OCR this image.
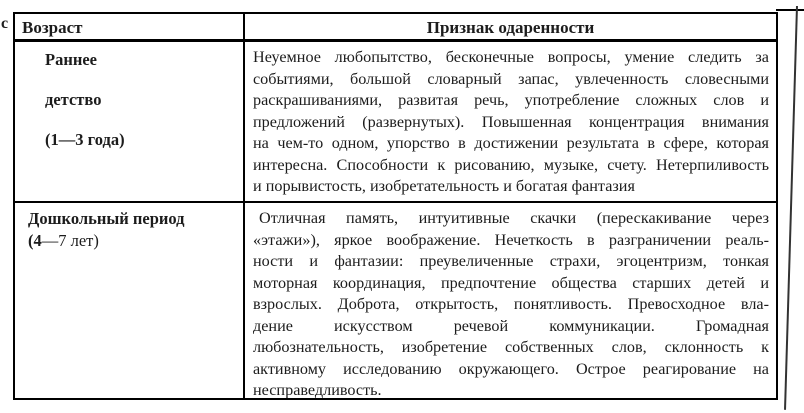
с Возраст	Признак одаренности
Раннее
детство
(1—3 года)
Неуемное любопытство, бесконечные вопросы, умение следить за
событиями, большой словарный запас, увлеченность словесными
раскрашиваниями, развитая речь, употребление сложных слов и
предложений (развернутых). Повышенная концентрация внимания
на чем-то одном, упорство в достижении результата в сфере, которая
интересна. Способности к рисованию, музыке, счету. Нетерпиливость
и порывистость, изобретательность и богатая фантазия
Дошкольный период
(4—7 лет)
Отличная память, интуитивные скачки (перескакивание через
«этажи»), яркое воображение. Нечеткость в разграничении реаль-
ности и фантазии: преувеличенные страхи, эгоцентризм, тонкая
моторная координация, предпочтение общества старших детей и
взрослых. Доброта, открытость, понятливость. Превосходное вла-
дение искусством речевой коммуникации. Громадная
любознательность, изобретение собственных слов, склонность к
активному исследованию окружающего. Острое реагирование на
несправедливость.
